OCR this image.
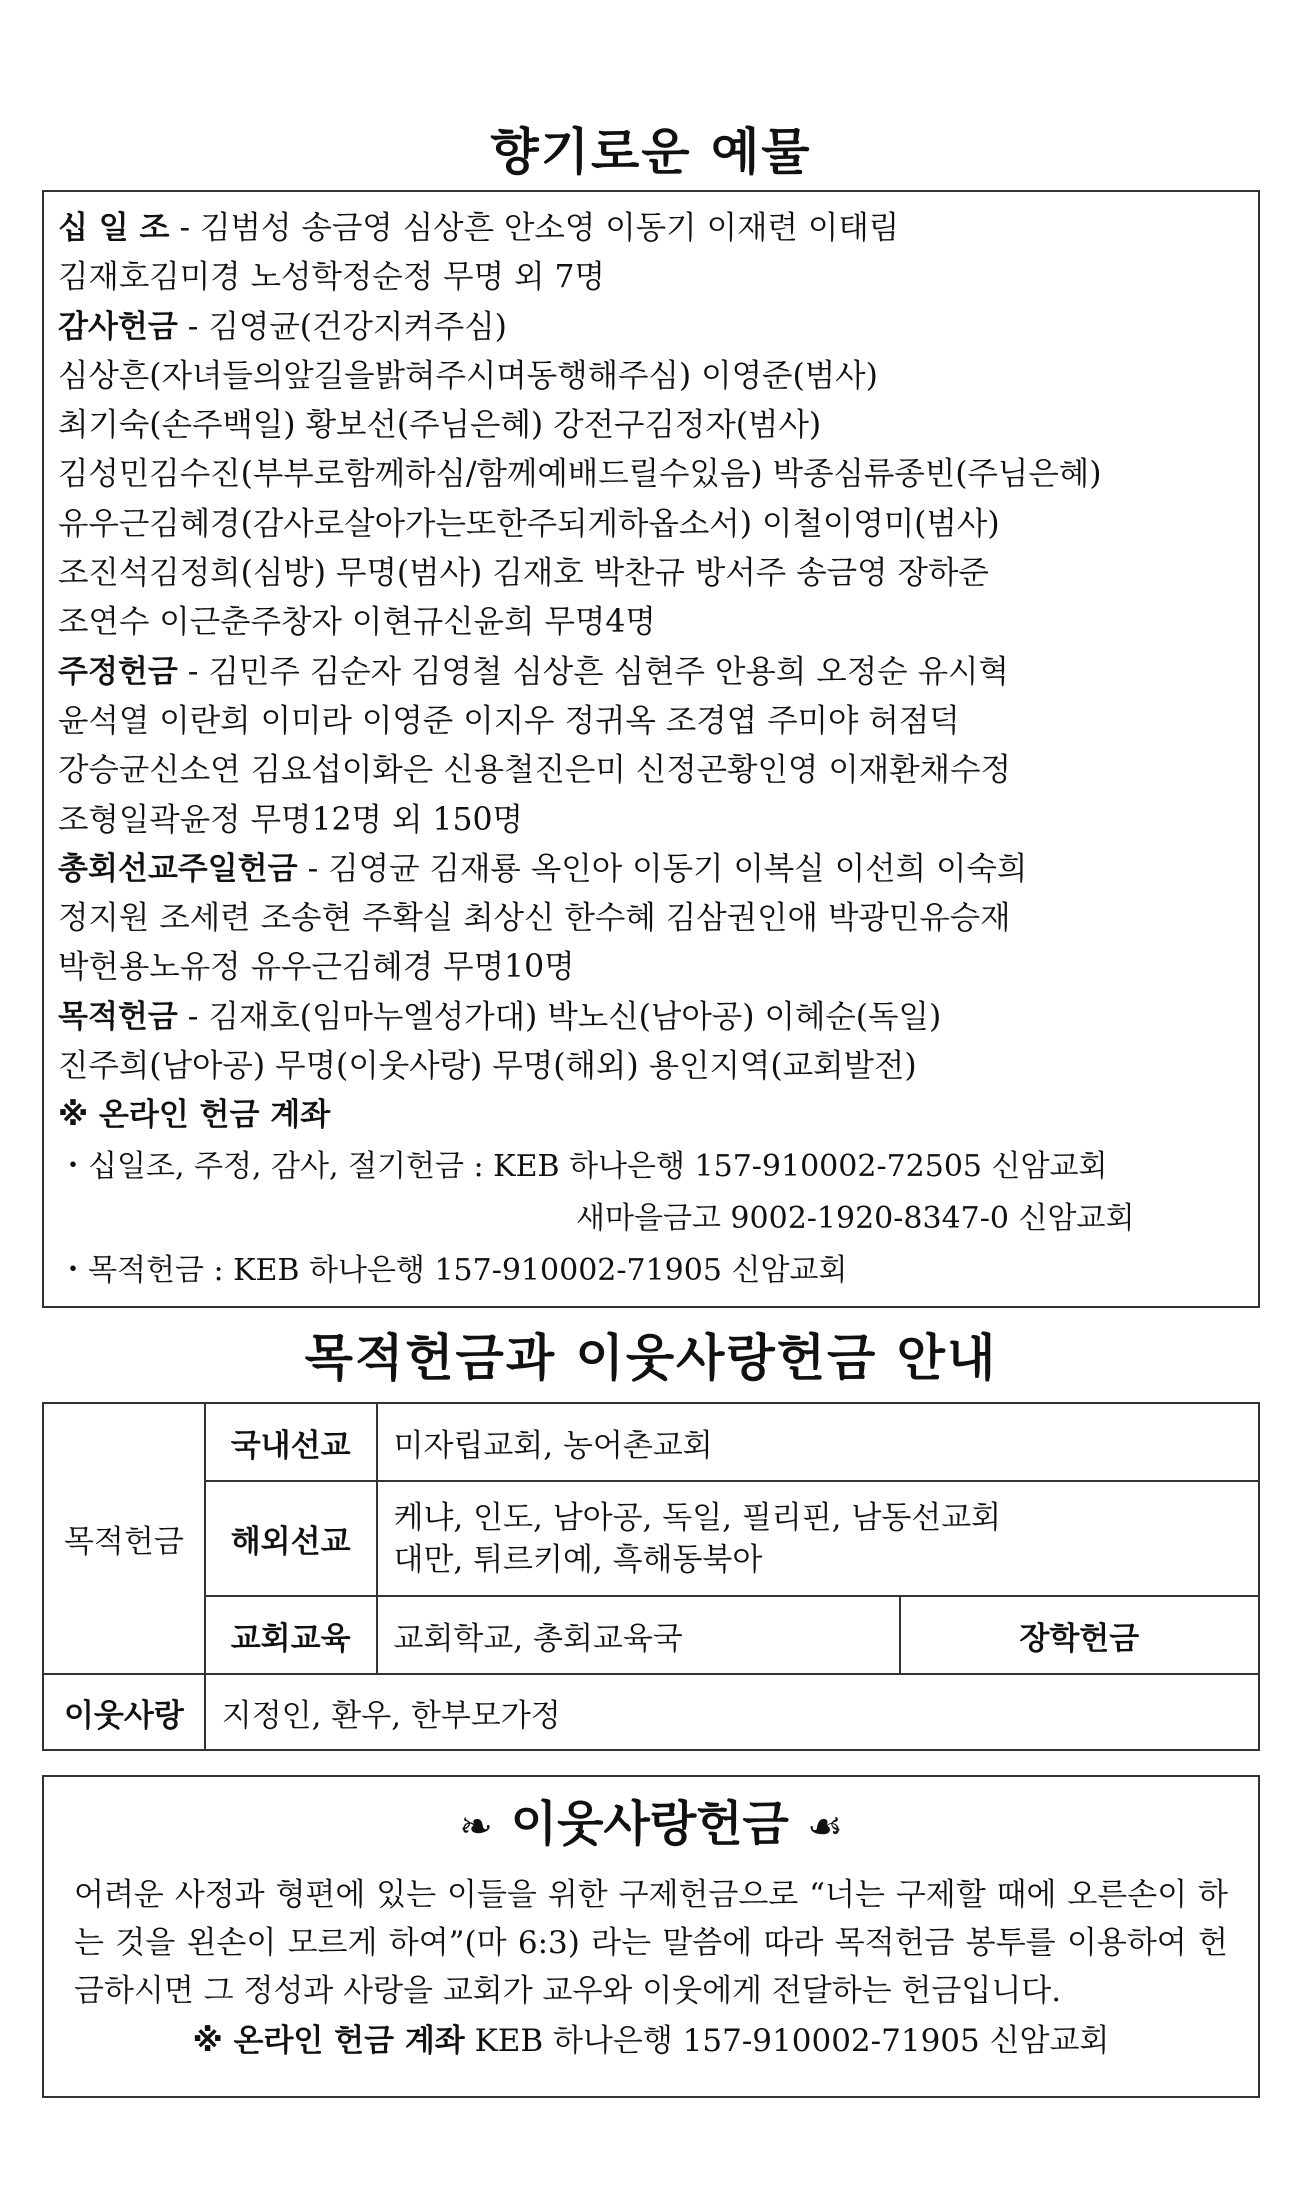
향기로운 예물
십 일 조 - 김범성 송금영 심상흔 안소영 이동기 이재련 이태림
김재호김미경 노성학정순정 무명 외 7명
감사헌금 - 김영균(건강지켜주심)
심상흔(자녀들의앞길을밝혀주시며동행해주심) 이영준(범사)
최기숙(손주백일) 황보선(주님은혜) 강전구김정자(범사)
김성민김수진(부부로함께하심/함께예배드릴수있음) 박종심류종빈(주님은혜)
유우근김혜경(감사로살아가는또한주되게하옵소서) 이철이영미(범사)
조진석김정희(심방) 무명(범사) 김재호 박찬규 방서주 송금영 장하준
조연수 이근춘주창자 이현규신윤희 무명4명
주정헌금 - 김민주 김순자 김영철 심상흔 심현주 안용희 오정순 유시혁
윤석열 이란희 이미라 이영준 이지우 정귀옥 조경엽 주미야 허점덕
강승균신소연 김요섭이화은 신용철진은미 신정곤황인영 이재환채수정
조형일곽윤정 무명12명 외 150명
총회선교주일헌금 - 김영균 김재룡 옥인아 이동기 이복실 이선희 이숙희
정지원 조세련 조송현 주확실 최상신 한수혜 김삼권인애 박광민유승재
박헌용노유정 유우근김혜경 무명10명
목적헌금 - 김재호(임마누엘성가대) 박노신(남아공) 이혜순(독일)
진주희(남아공) 무명(이웃사랑) 무명(해외) 용인지역(교회발전)
※ 온라인 헌금 계좌
・십일조, 주정, 감사, 절기헌금 : KEB 하나은행 157-910002-72505 신암교회
새마을금고 9002-1920-8347-0 신암교회
・목적헌금 : KEB 하나은행 157-910002-71905 신암교회
목적헌금과 이웃사랑헌금 안내
목적헌금	국내선교	미자립교회, 농어촌교회	
	해외선교	케냐, 인도, 남아공, 독일, 필리핀, 남동선교회
대만, 튀르키예, 흑해동북아	

	교회교육	교회학교, 총회교육국	장학헌금
이웃사랑	지정인, 환우, 한부모가정		
❧ 이웃사랑헌금 ☙
어려운 사정과 형편에 있는 이들을 위한 구제헌금으로 “너는 구제할 때에 오른손이 하는 것을 왼손이 모르게 하여”(마 6:3) 라는 말씀에 따라 목적헌금 봉투를 이용하여 헌금하시면 그 정성과 사랑을 교회가 교우와 이웃에게 전달하는 헌금입니다.
※ 온라인 헌금 계좌 KEB 하나은행 157-910002-71905 신암교회
